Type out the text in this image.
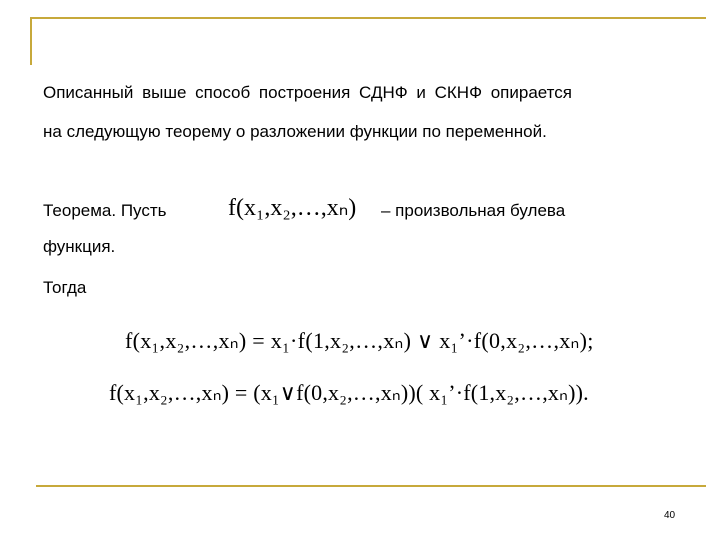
Описанный выше способ построения СДНФ и СКНФ опирается
на следующую теорему о разложении функции по переменной.
Теорема. Пусть	f(x₁,x₂,…,xₙ) – произвольная булева
функция.
Тогда
f(x₁,x₂,…,xₙ) = x₁·f(1,x₂,…,xₙ) ∨ x₁’·f(0,x₂,…,xₙ);
f(x₁,x₂,…,xₙ) = (x₁∨f(0,x₂,…,xₙ))( x₁’·f(1,x₂,…,xₙ)).
40
